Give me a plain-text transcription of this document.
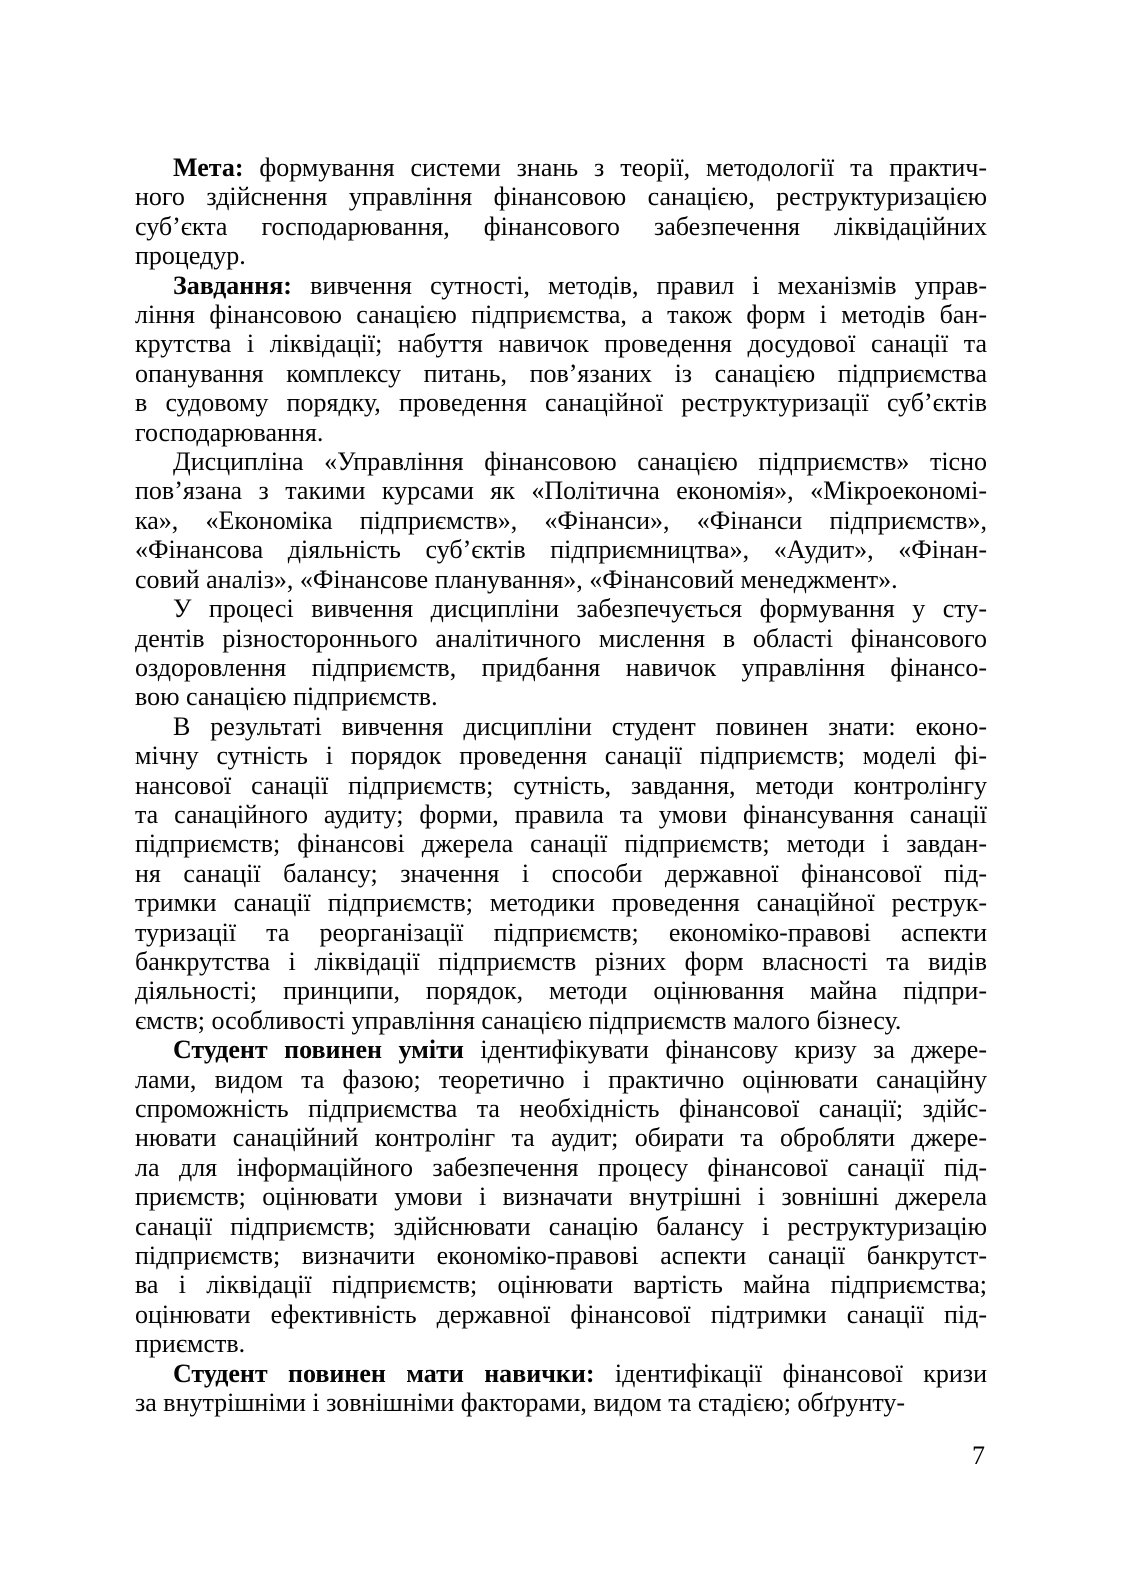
Мета: формування системи знань з теорії, методології та практич-
ного здійснення управління фінансовою санацією, реструктуризацією
суб’єкта господарювання, фінансового забезпечення ліквідаційних
процедур.
Завдання: вивчення сутності, методів, правил і механізмів управ-
ління фінансовою санацією підприємства, а також форм і методів бан-
крутства і ліквідації; набуття навичок проведення досудової санації та
опанування комплексу питань, пов’язаних із санацією підприємства
в судовому порядку, проведення санаційної реструктуризації суб’єктів
господарювання.
Дисципліна «Управління фінансовою санацією підприємств» тісно
пов’язана з такими курсами як «Політична економія», «Мікроекономі-
ка», «Економіка підприємств», «Фінанси», «Фінанси підприємств»,
«Фінансова діяльність суб’єктів підприємництва», «Аудит», «Фінан-
совий аналіз», «Фінансове планування», «Фінансовий менеджмент».
У процесі вивчення дисципліни забезпечується формування у сту-
дентів різностороннього аналітичного мислення в області фінансового
оздоровлення підприємств, придбання навичок управління фінансо-
вою санацією підприємств.
В результаті вивчення дисципліни студент повинен знати: еконо-
мічну сутність і порядок проведення санації підприємств; моделі фі-
нансової санації підприємств; сутність, завдання, методи контролінгу
та санаційного аудиту; форми, правила та умови фінансування санації
підприємств; фінансові джерела санації підприємств; методи і завдан-
ня санації балансу; значення і способи державної фінансової під-
тримки санації підприємств; методики проведення санаційної реструк-
туризації та реорганізації підприємств; економіко-правові аспекти
банкрутства і ліквідації підприємств різних форм власності та видів
діяльності; принципи, порядок, методи оцінювання майна підпри-
ємств; особливості управління санацією підприємств малого бізнесу.
Студент повинен уміти ідентифікувати фінансову кризу за джере-
лами, видом та фазою; теоретично і практично оцінювати санаційну
спроможність підприємства та необхідність фінансової санації; здійс-
нювати санаційний контролінг та аудит; обирати та обробляти джере-
ла для інформаційного забезпечення процесу фінансової санації під-
приємств; оцінювати умови і визначати внутрішні і зовнішні джерела
санації підприємств; здійснювати санацію балансу і реструктуризацію
підприємств; визначити економіко-правові аспекти санації банкрутст-
ва і ліквідації підприємств; оцінювати вартість майна підприємства;
оцінювати ефективність державної фінансової підтримки санації під-
приємств.
Студент повинен мати навички: ідентифікації фінансової кризи
за внутрішніми і зовнішніми факторами, видом та стадією; обґрунту-
7
